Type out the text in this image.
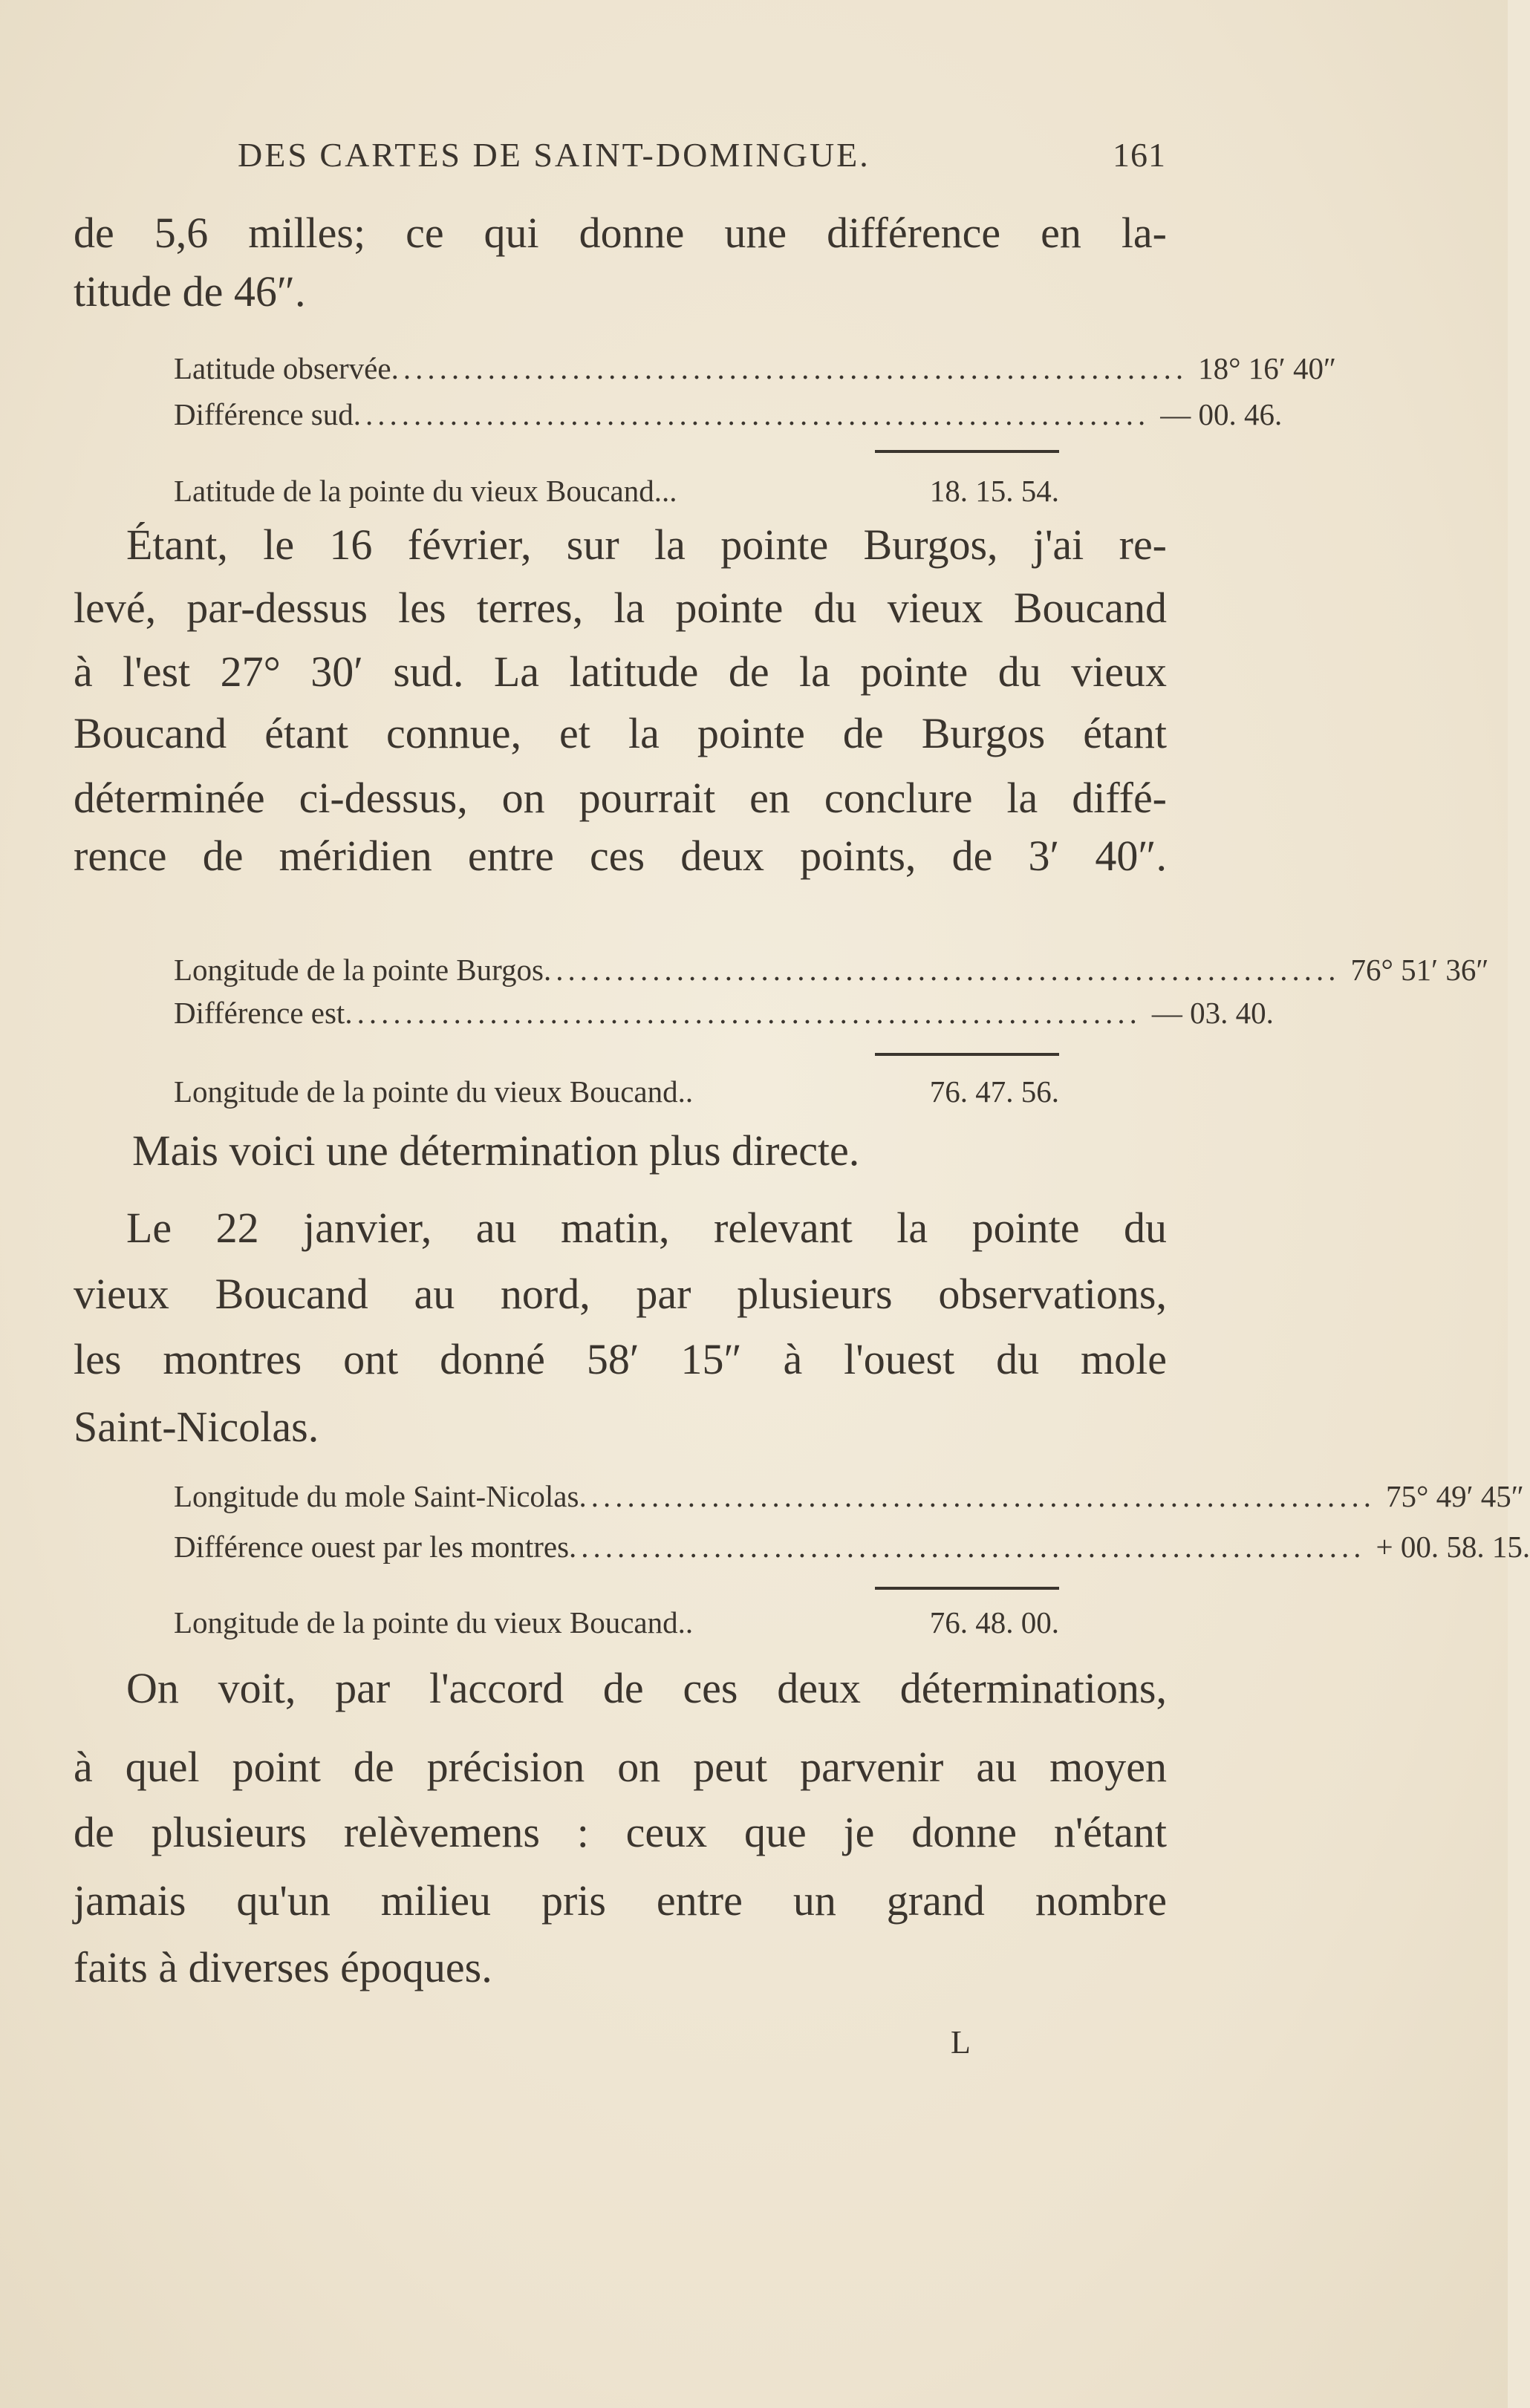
DES CARTES DE SAINT-DOMINGUE.	161
de 5,6 milles; ce qui donne une différence en la-
titude de 46″.
Latitude observée .................................................................. 18° 16′ 40″
Différence sud .................................................................. — 00. 46.
Latitude de la pointe du vieux Boucand...	18. 15. 54.
Étant, le 16 février, sur la pointe Burgos, j'ai re-
levé, par-dessus les terres, la pointe du vieux Boucand
à l'est 27° 30′ sud. La latitude de la pointe du vieux
Boucand étant connue, et la pointe de Burgos étant
déterminée ci-dessus, on pourrait en conclure la diffé-
rence de méridien entre ces deux points, de 3′ 40″.
Longitude de la pointe Burgos .................................................................. 76° 51′ 36″
Différence est .................................................................. — 03. 40.
Longitude de la pointe du vieux Boucand..	76. 47. 56.
Mais voici une détermination plus directe.
Le 22 janvier, au matin, relevant la pointe du
vieux Boucand au nord, par plusieurs observations,
les montres ont donné 58′ 15″ à l'ouest du mole
Saint-Nicolas.
Longitude du mole Saint-Nicolas .................................................................. 75° 49′ 45″
Différence ouest par les montres .................................................................. + 00. 58. 15.
Longitude de la pointe du vieux Boucand..	76. 48. 00.
On voit, par l'accord de ces deux déterminations,
à quel point de précision on peut parvenir au moyen
de plusieurs relèvemens : ceux que je donne n'étant
jamais qu'un milieu pris entre un grand nombre
faits à diverses époques.
L
